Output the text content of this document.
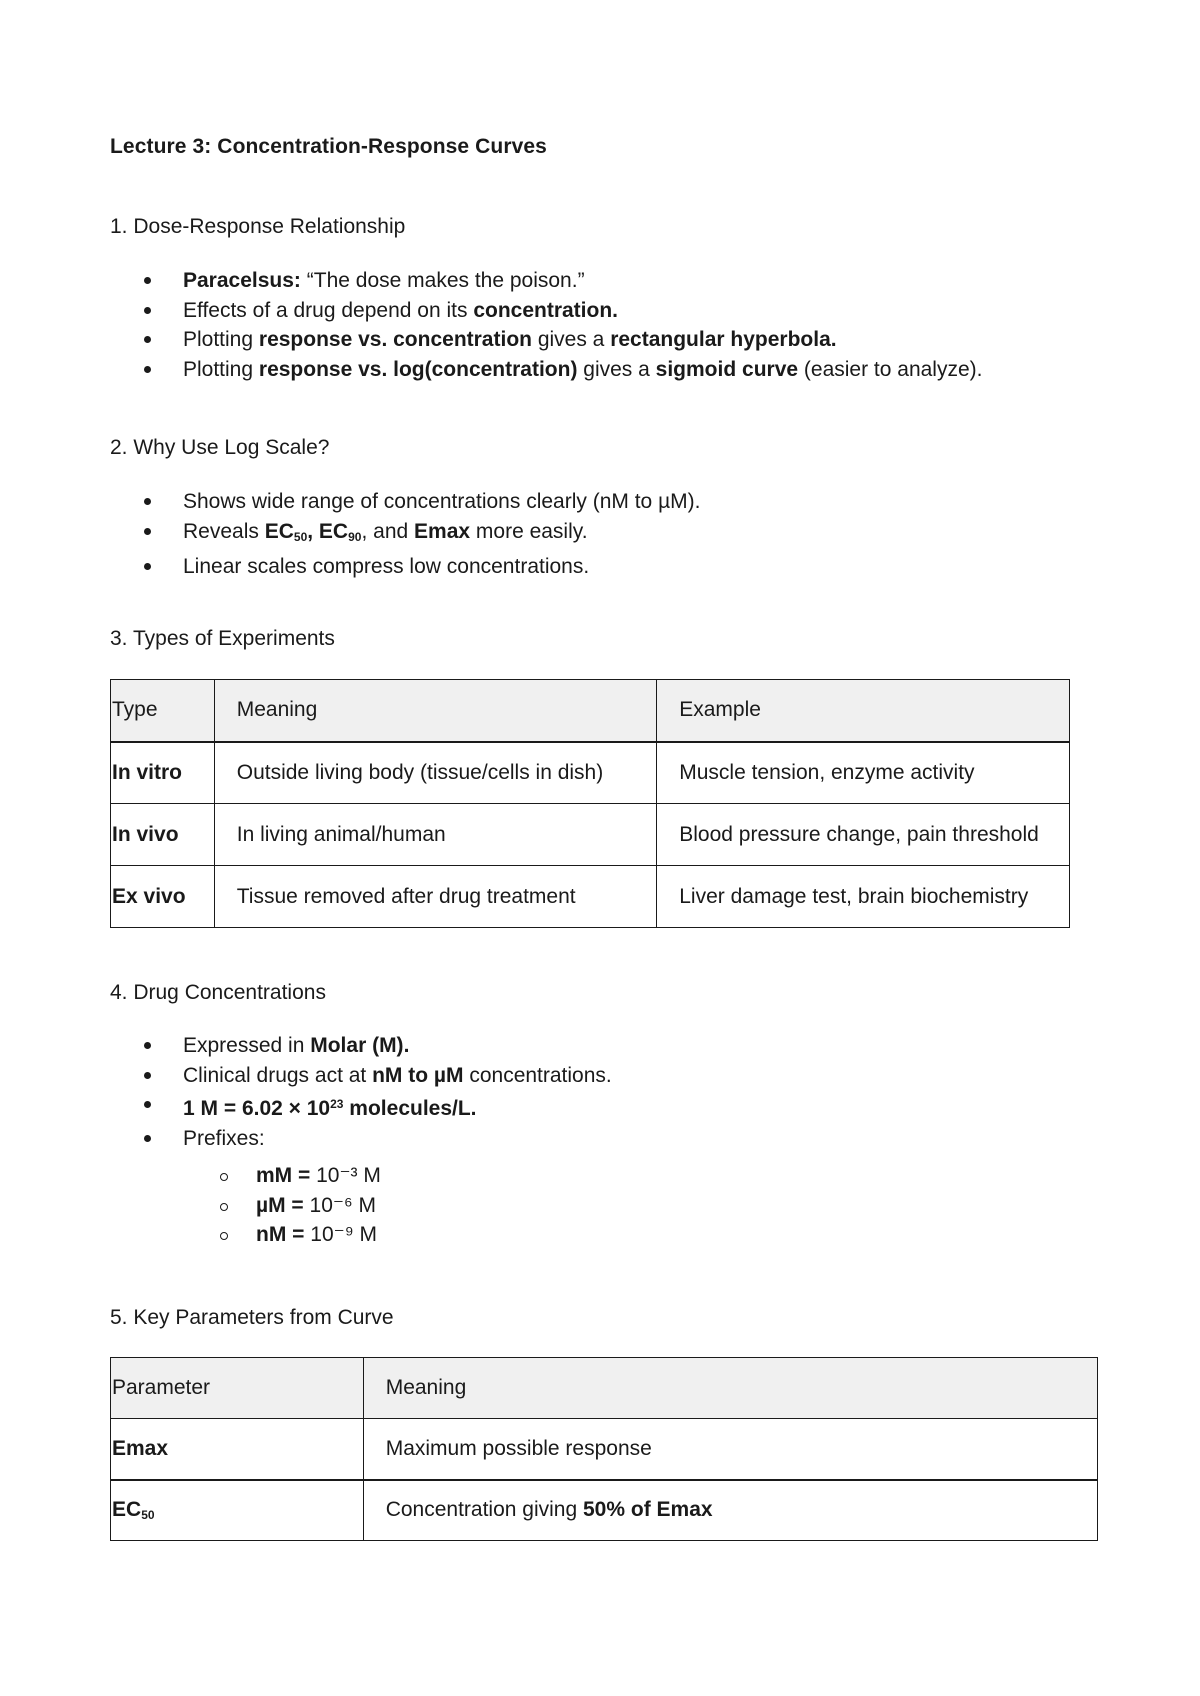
Lecture 3: Concentration-Response Curves
1. Dose-Response Relationship
Paracelsus: “The dose makes the poison.”
Effects of a drug depend on its concentration.
Plotting response vs. concentration gives a rectangular hyperbola.
Plotting response vs. log(concentration) gives a sigmoid curve (easier to analyze).
2. Why Use Log Scale?
Shows wide range of concentrations clearly (nM to µM).
Reveals $EC_{50}$, $EC_{90}$, and Emax more easily.
Linear scales compress low concentrations.
3. Types of Experiments
Type	Meaning	Example
In vitro	Outside living body (tissue/cells in dish)	Muscle tension, enzyme activity
In vivo	In living animal/human	Blood pressure change, pain threshold
Ex vivo	Tissue removed after drug treatment	Liver damage test, brain biochemistry
4. Drug Concentrations
Expressed in Molar (M).
Clinical drugs act at nM to µM concentrations.
1 $M = 6.02 \times 10^{23}$ molecules/L.
Prefixes:
mM = 10⁻³ M
µM = 10⁻⁶ M
nM = 10⁻⁹ M
5. Key Parameters from Curve
Parameter	Meaning
Emax	Maximum possible response
$EC_{50}$	Concentration giving 50% of Emax
